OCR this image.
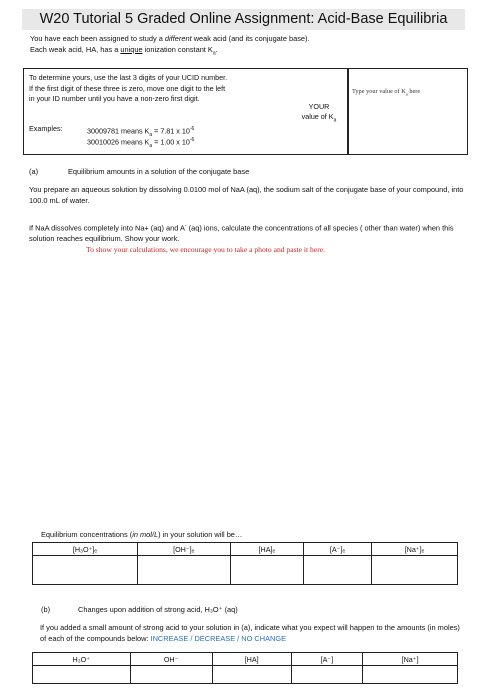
W20 Tutorial 5 Graded Online Assignment: Acid-Base Equilibria
You have each been assigned to study a different weak acid (and its conjugate base).
Each weak acid, HA, has a unique ionization constant $K_a$.
To determine yours, use the last 3 digits of your UCID number.
If the first digit of these three is zero, move one digit to the left
in your ID number until you have a non-zero first digit.
YOUR
value of $K_a$
Type your value of $K_a$ here
Examples:	30009781 means $K_a = 7.81$ x $10^{-6}$
30010026 means $K_a = 1.00$ x $10^{-6}$
(a)	Equilibrium amounts in a solution of the conjugate base
You prepare an aqueous solution by dissolving 0.0100 mol of NaA (aq), the sodium salt of the conjugate base of your compound, into 100.0 mL of water.
If NaA dissolves completely into Na+ (aq) and A- (aq) ions, calculate the concentrations of all species ( other than water) when this solution reaches equilibrium. Show your work.
To show your calculations, we encourage you to take a photo and paste it here.
Equilibrium concentrations (in mol/L) in your solution will be…
[H₃O⁺]ₑ	[OH⁻]ₑ	[HA]ₑ	[A⁻]ₑ	[Na⁺]ₑ

(b)	Changes upon addition of strong acid, H₃O⁺ (aq)
If you added a small amount of strong acid to your solution in (a), indicate what you expect will happen to the amounts (in moles) of each of the compounds below: INCREASE / DECREASE / NO CHANGE
H₃O⁺	OH⁻	[HA]	[A⁻]	[Na⁺]
